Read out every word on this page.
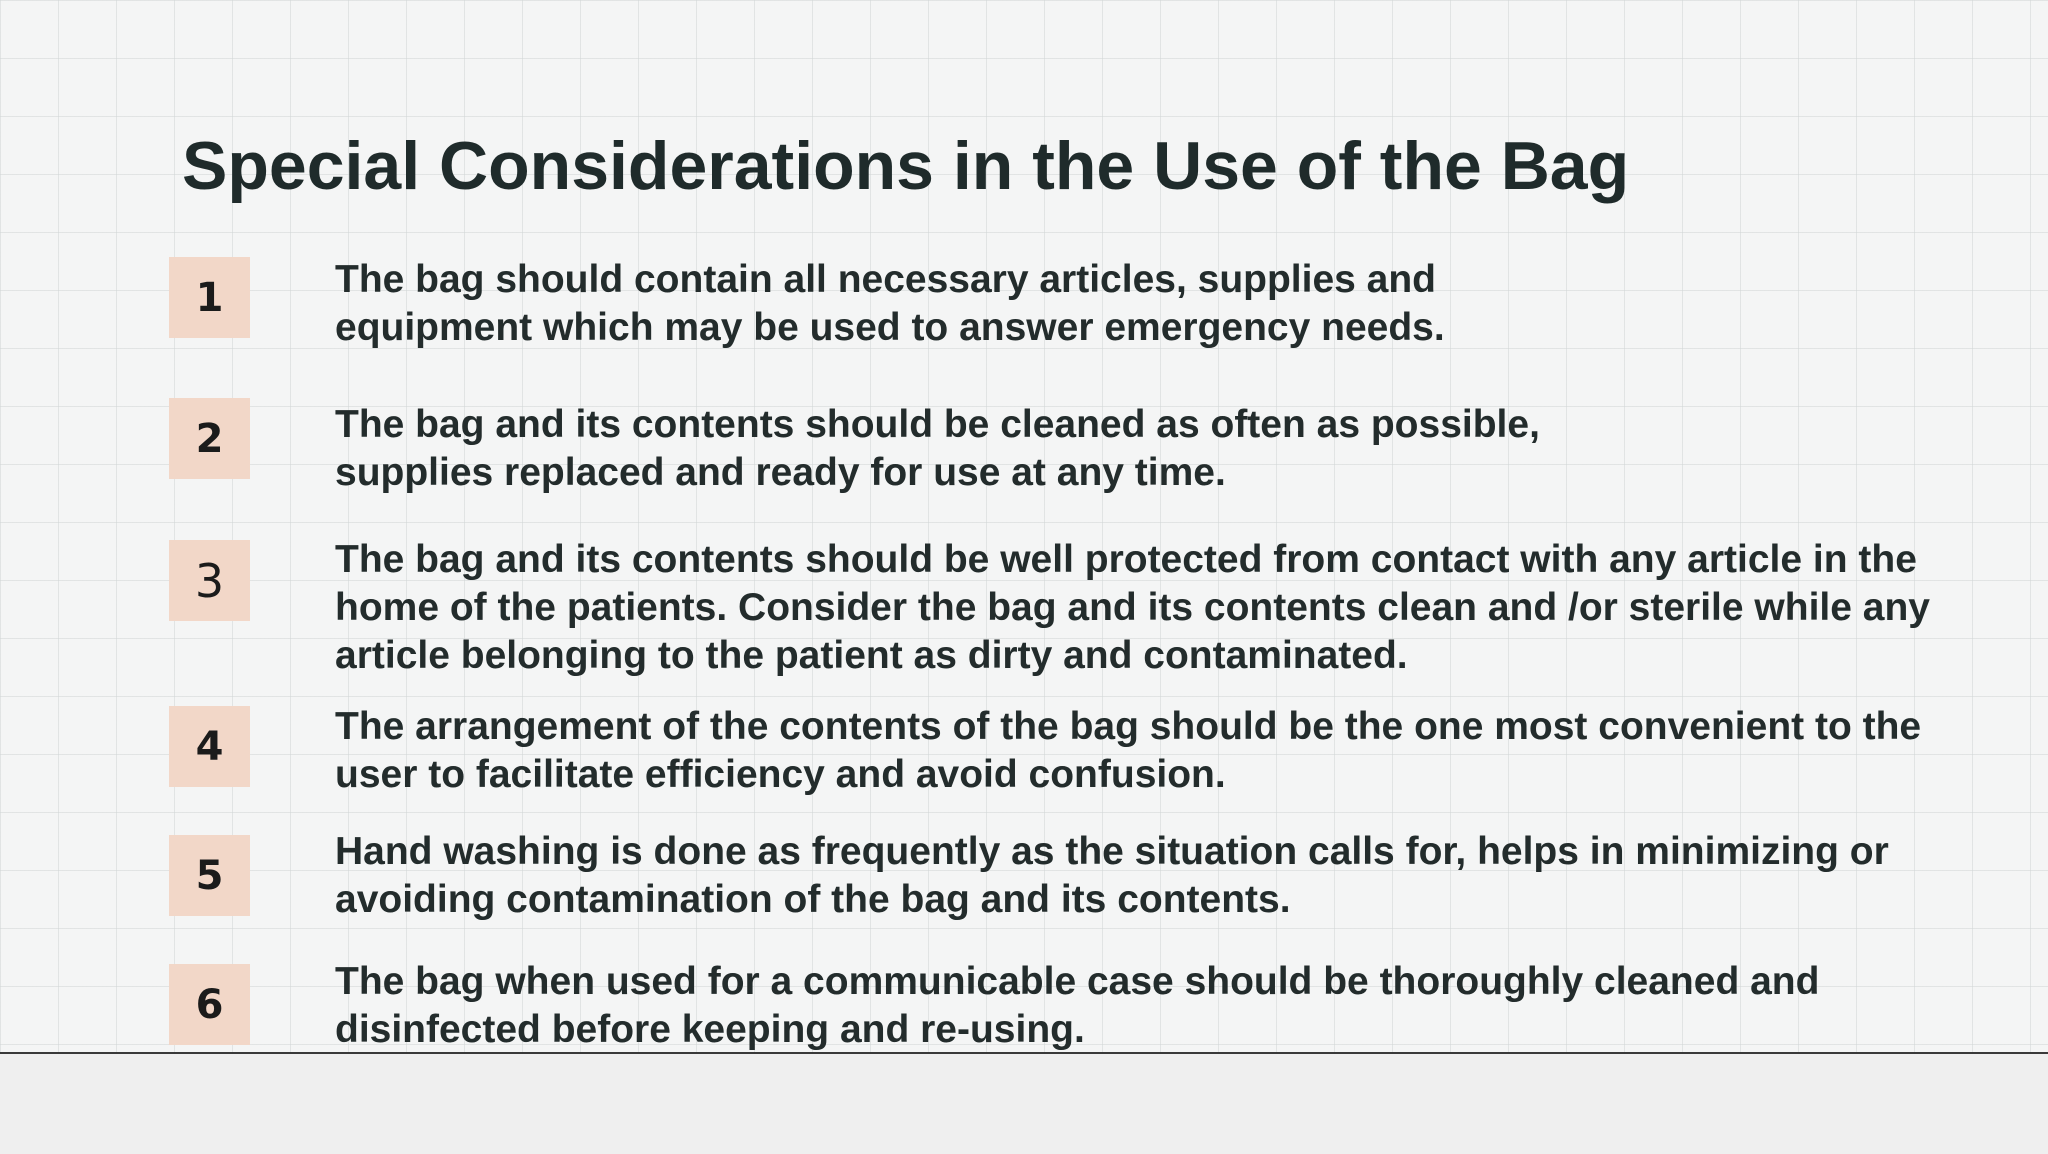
Special Considerations in the Use of the Bag
1	The bag should contain all necessary articles, supplies and
equipment which may be used to answer emergency needs.

2	The bag and its contents should be cleaned as often as possible,
supplies replaced and ready for use at any time.

3	The bag and its contents should be well protected from contact with any article in the
home of the patients. Consider the bag and its contents clean and /or sterile while any
article belonging to the patient as dirty and contaminated.

4	The arrangement of the contents of the bag should be the one most convenient to the
user to facilitate efficiency and avoid confusion.

5

Hand washing is done as frequently as the situation calls for, helps in minimizing or
avoiding contamination of the bag and its contents.

6	The bag when used for a communicable case should be thoroughly cleaned and
disinfected before keeping and re-using.
